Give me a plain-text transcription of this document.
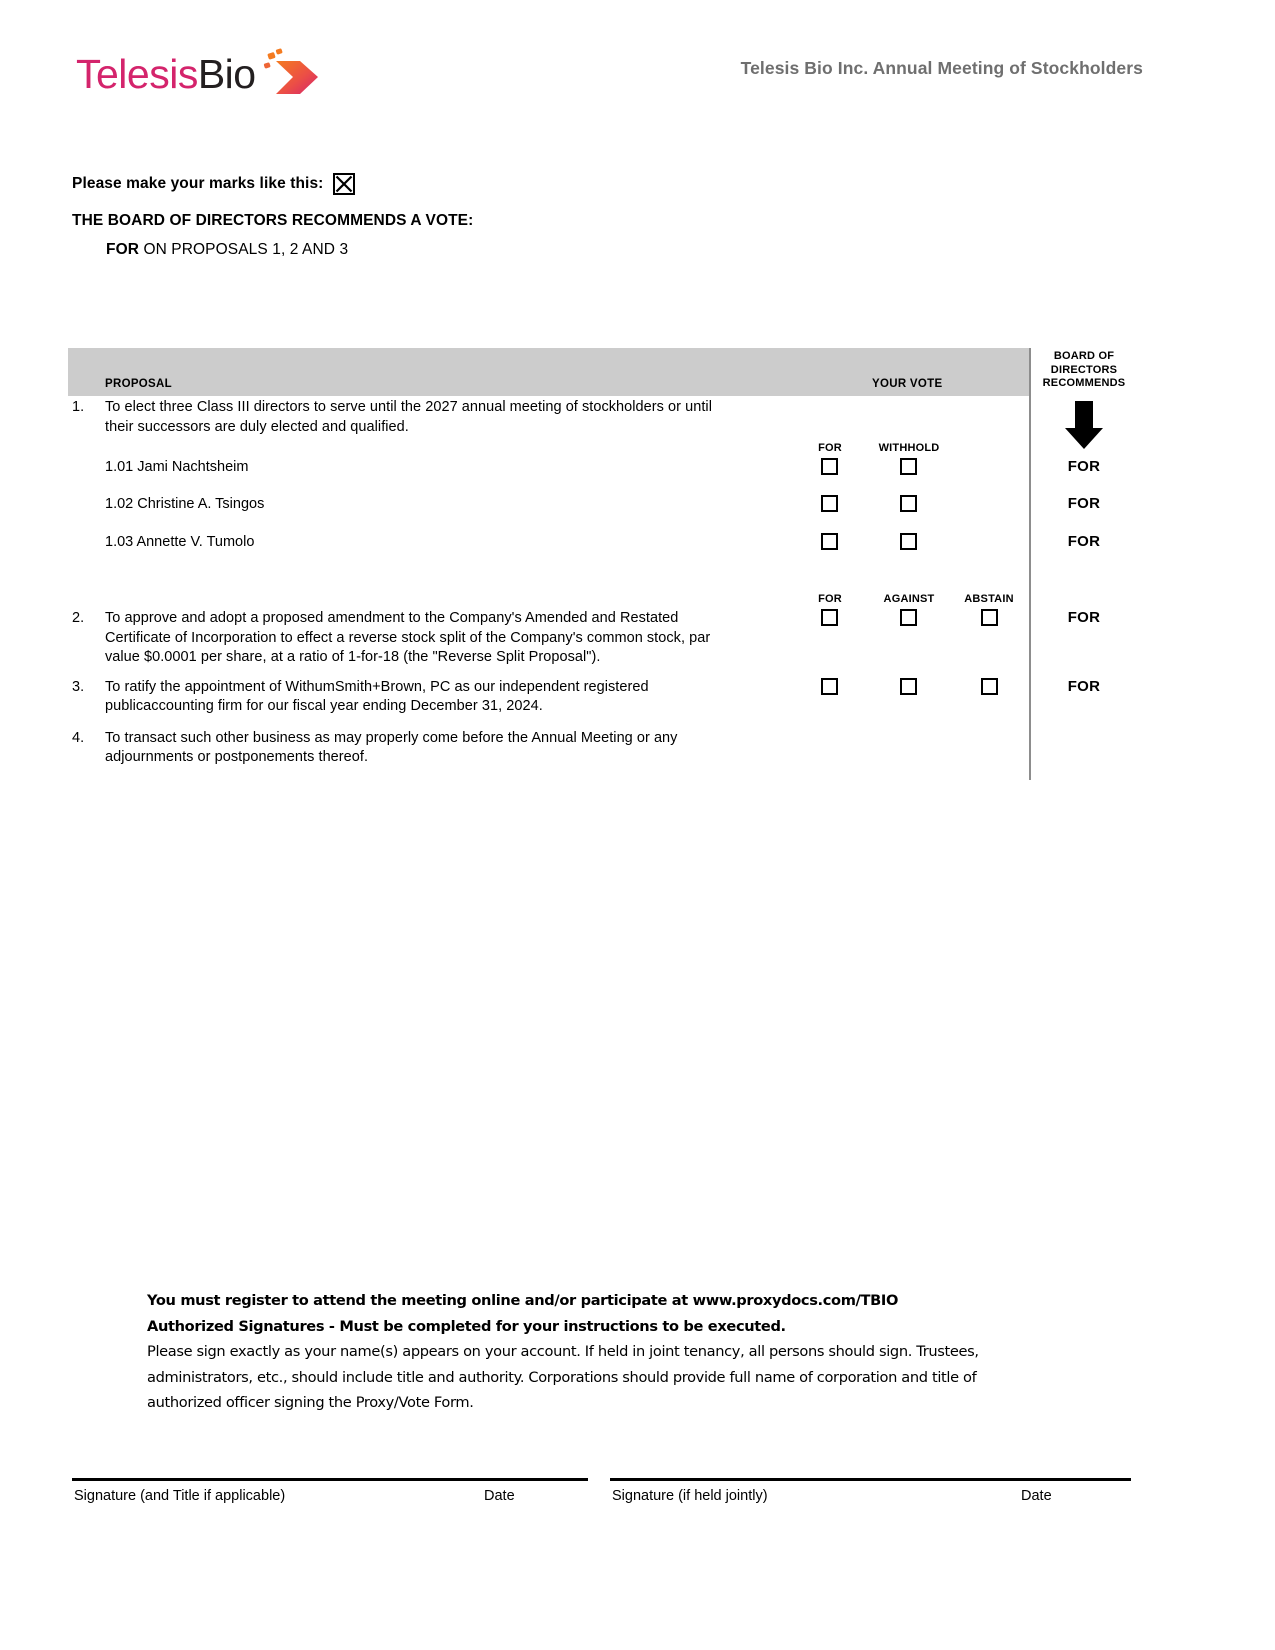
TelesisBio	Telesis Bio Inc. Annual Meeting of Stockholders
Please make your marks like this:
THE BOARD OF DIRECTORS RECOMMENDS A VOTE:
FOR ON PROPOSALS 1, 2 AND 3
PROPOSAL	YOUR VOTE
BOARD OF
DIRECTORS
RECOMMENDS
1. To elect three Class III directors to serve until the 2027 annual meeting of stockholders or until
their successors are duly elected and qualified.
FOR	WITHHOLD
1.01 Jami Nachtsheim	FOR
1.02 Christine A. Tsingos	FOR
1.03 Annette V. Tumolo	FOR
FOR	AGAINST	ABSTAIN
2. To approve and adopt a proposed amendment to the Company's Amended and Restated
Certificate of Incorporation to effect a reverse stock split of the Company's common stock, par
value $0.0001 per share, at a ratio of 1-for-18 (the "Reverse Split Proposal").
FOR
3. To ratify the appointment of WithumSmith+Brown, PC as our independent registered
publicaccounting firm for our fiscal year ending December 31, 2024.
FOR
4. To transact such other business as may properly come before the Annual Meeting or any
adjournments or postponements thereof.
You must register to attend the meeting online and/or participate at www.proxydocs.com/TBIO
Authorized Signatures - Must be completed for your instructions to be executed.
Please sign exactly as your name(s) appears on your account. If held in joint tenancy, all persons should sign. Trustees, administrators, etc., should include title and authority. Corporations should provide full name of corporation and title of authorized officer signing the Proxy/Vote Form.
Signature (and Title if applicable)	Date	Signature (if held jointly)	Date
